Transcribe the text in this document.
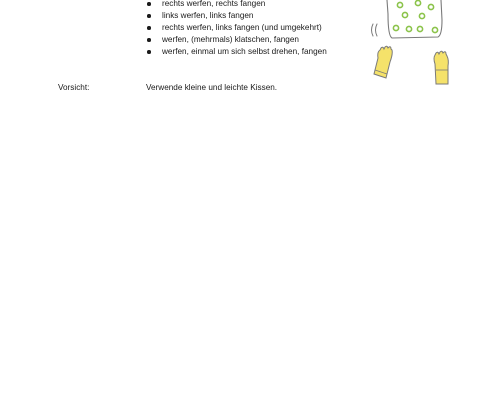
rechts werfen, rechts fangen
links werfen, links fangen
rechts werfen, links fangen (und umgekehrt)
werfen, (mehrmals) klatschen, fangen
werfen, einmal um sich selbst drehen, fangen
Vorsicht:	Verwende kleine und leichte Kissen.
